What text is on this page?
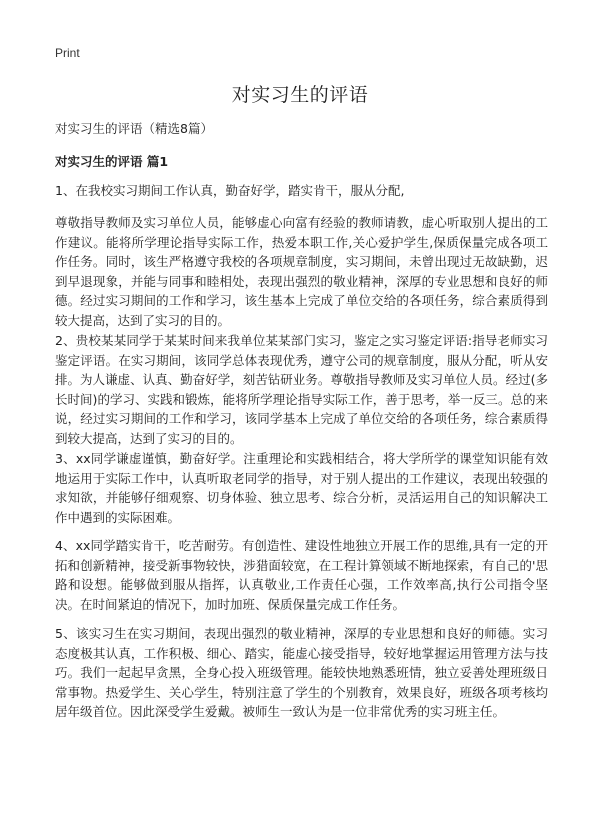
Print
对实习生的评语

对实习生的评语（精选8篇）

对实习生的评语 篇1

1、在我校实习期间工作认真，勤奋好学，踏实肯干，服从分配,

尊敬指导教师及实习单位人员，能够虚心向富有经验的教师请教，虚心听取别人提出的工作建议。能将所学理论指导实际工作，热爱本职工作,关心爱护学生,保质保量完成各项工作任务。同时，该生严格遵守我校的各项规章制度，实习期间，未曾出现过无故缺勤，迟到早退现象，并能与同事和睦相处，表现出强烈的敬业精神，深厚的专业思想和良好的师德。经过实习期间的工作和学习，该生基本上完成了单位交给的各项任务，综合素质得到较大提高，达到了实习的目的。

2、贵校某某同学于某某时间来我单位某某部门实习，鉴定之实习鉴定评语:指导老师实习鉴定评语。在实习期间，该同学总体表现优秀，遵守公司的规章制度，服从分配，听从安排。为人谦虚、认真、勤奋好学，刻苦钻研业务。尊敬指导教师及实习单位人员。经过(多长时间)的学习、实践和锻炼，能将所学理论指导实际工作，善于思考，举一反三。总的来说，经过实习期间的工作和学习，该同学基本上完成了单位交给的各项任务，综合素质得到较大提高，达到了实习的目的。

3、xx同学谦虚谨慎，勤奋好学。注重理论和实践相结合，将大学所学的课堂知识能有效地运用于实际工作中，认真听取老同学的指导，对于别人提出的工作建议，表现出较强的求知欲，并能够仔细观察、切身体验、独立思考、综合分析，灵活运用自己的知识解决工作中遇到的实际困难。

4、xx同学踏实肯干，吃苦耐劳。有创造性、建设性地独立开展工作的思维,具有一定的开拓和创新精神，接受新事物较快，涉猎面较宽，在工程计算领域不断地探索，有自己的'思路和设想。能够做到服从指挥，认真敬业,工作责任心强，工作效率高,执行公司指令坚决。在时间紧迫的情况下，加时加班、保质保量完成工作任务。

5、该实习生在实习期间，表现出强烈的敬业精神，深厚的专业思想和良好的师德。实习态度极其认真，工作积极、细心、踏实，能虚心接受指导，较好地掌握运用管理方法与技巧。我们一起起早贪黑，全身心投入班级管理。能较快地熟悉班情，独立妥善处理班级日常事物。热爱学生、关心学生，特别注意了学生的个别教育，效果良好，班级各项考核均居年级首位。因此深受学生爱戴。被师生一致认为是一位非常优秀的实习班主任。
